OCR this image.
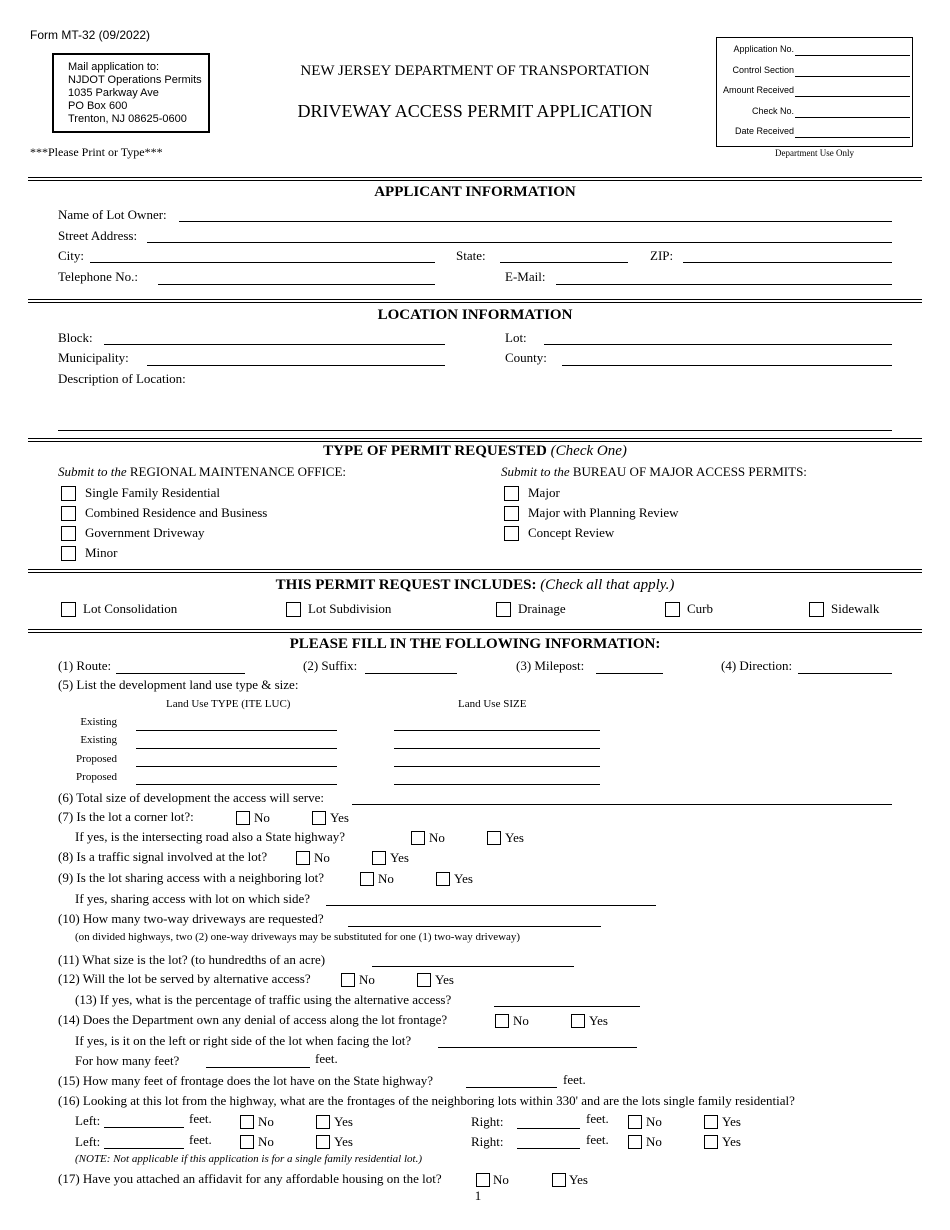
Form MT-32 (09/2022)
Mail application to:
NJDOT Operations Permits
1035 Parkway Ave
PO Box 600
Trenton, NJ 08625-0600
***Please Print or Type***
NEW JERSEY DEPARTMENT OF TRANSPORTATION
DRIVEWAY ACCESS PERMIT APPLICATION
Application No.
Control Section
Amount Received
Check No.
Date Received
Department Use Only
APPLICANT INFORMATION
Name of Lot Owner:
Street Address:
City:	State:	ZIP:
Telephone No.:	E-Mail:
LOCATION INFORMATION
Block:	Lot:
Municipality:	County:
Description of Location:
TYPE OF PERMIT REQUESTED (Check One)
Submit to the REGIONAL MAINTENANCE OFFICE:	Submit to the BUREAU OF MAJOR ACCESS PERMITS:
Single Family Residential
Combined Residence and Business
Government Driveway
Minor
Major
Major with Planning Review
Concept Review
THIS PERMIT REQUEST INCLUDES: (Check all that apply.)
Lot Consolidation	Lot Subdivision	Drainage	Curb	Sidewalk
PLEASE FILL IN THE FOLLOWING INFORMATION:
(1) Route:	(2) Suffix:	(3) Milepost:	(4) Direction:
(5) List the development land use type & size:
Land Use TYPE (ITE LUC)	Land Use SIZE
Existing
Existing
Proposed
Proposed
(6) Total size of development the access will serve:
(7) Is the lot a corner lot?:	No	Yes
If yes, is the intersecting road also a State highway?	No	Yes
(8) Is a traffic signal involved at the lot?	No	Yes
(9) Is the lot sharing access with a neighboring lot?	No	Yes
If yes, sharing access with lot on which side?
(10) How many two-way driveways are requested?
(on divided highways, two (2) one-way driveways may be substituted for one (1) two-way driveway)
(11) What size is the lot? (to hundredths of an acre)
(12) Will the lot be served by alternative access?	No	Yes
(13) If yes, what is the percentage of traffic using the alternative access?
(14) Does the Department own any denial of access along the lot frontage?	No	Yes
If yes, is it on the left or right side of the lot when facing the lot?
For how many feet?	feet.
(15) How many feet of frontage does the lot have on the State highway?	feet.
(16) Looking at this lot from the highway, what are the frontages of the neighboring lots within 330' and are the lots single family residential?
Left:	feet.	No	Yes	Right:	feet.	No	Yes
Left:	feet.	No	Yes	Right:	feet.	No	Yes
(NOTE: Not applicable if this application is for a single family residential lot.)
(17) Have you attached an affidavit for any affordable housing on the lot?	No	Yes
1
